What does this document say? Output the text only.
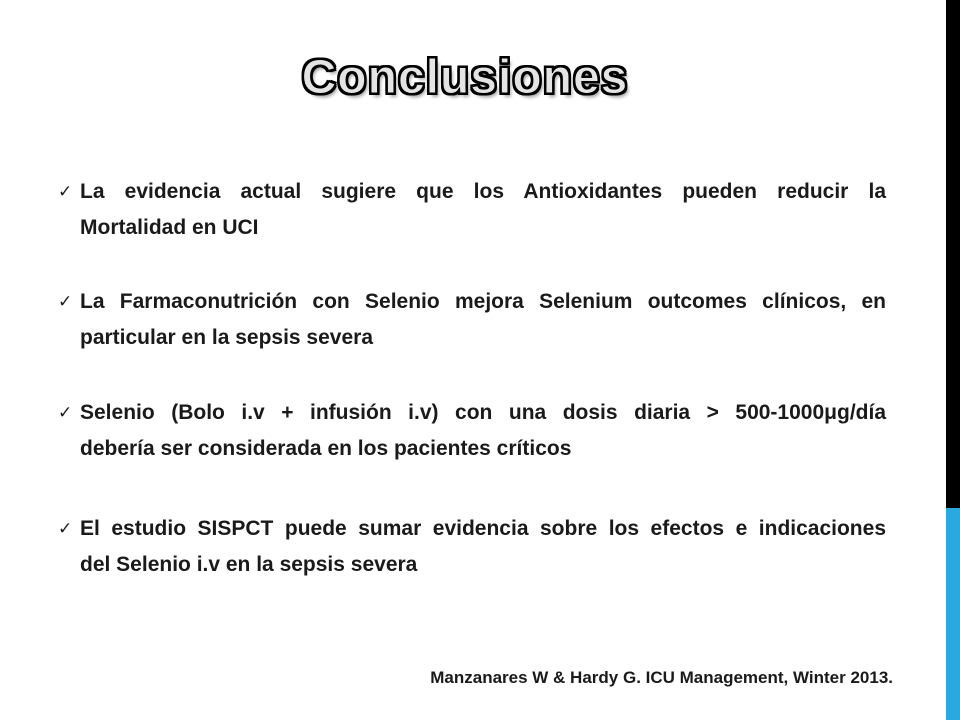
Conclusiones
✓
La evidencia actual sugiere que los Antioxidantes pueden reducir la
Mortalidad en UCI
✓
La Farmaconutrición con Selenio mejora Selenium outcomes clínicos, en
particular en la sepsis severa
✓
Selenio (Bolo i.v + infusión i.v) con una dosis diaria > 500-1000μg/día
debería ser considerada en los pacientes críticos
✓
El estudio SISPCT puede sumar evidencia sobre los efectos e indicaciones
del Selenio i.v en la sepsis severa
Manzanares W & Hardy G. ICU Management, Winter 2013.
